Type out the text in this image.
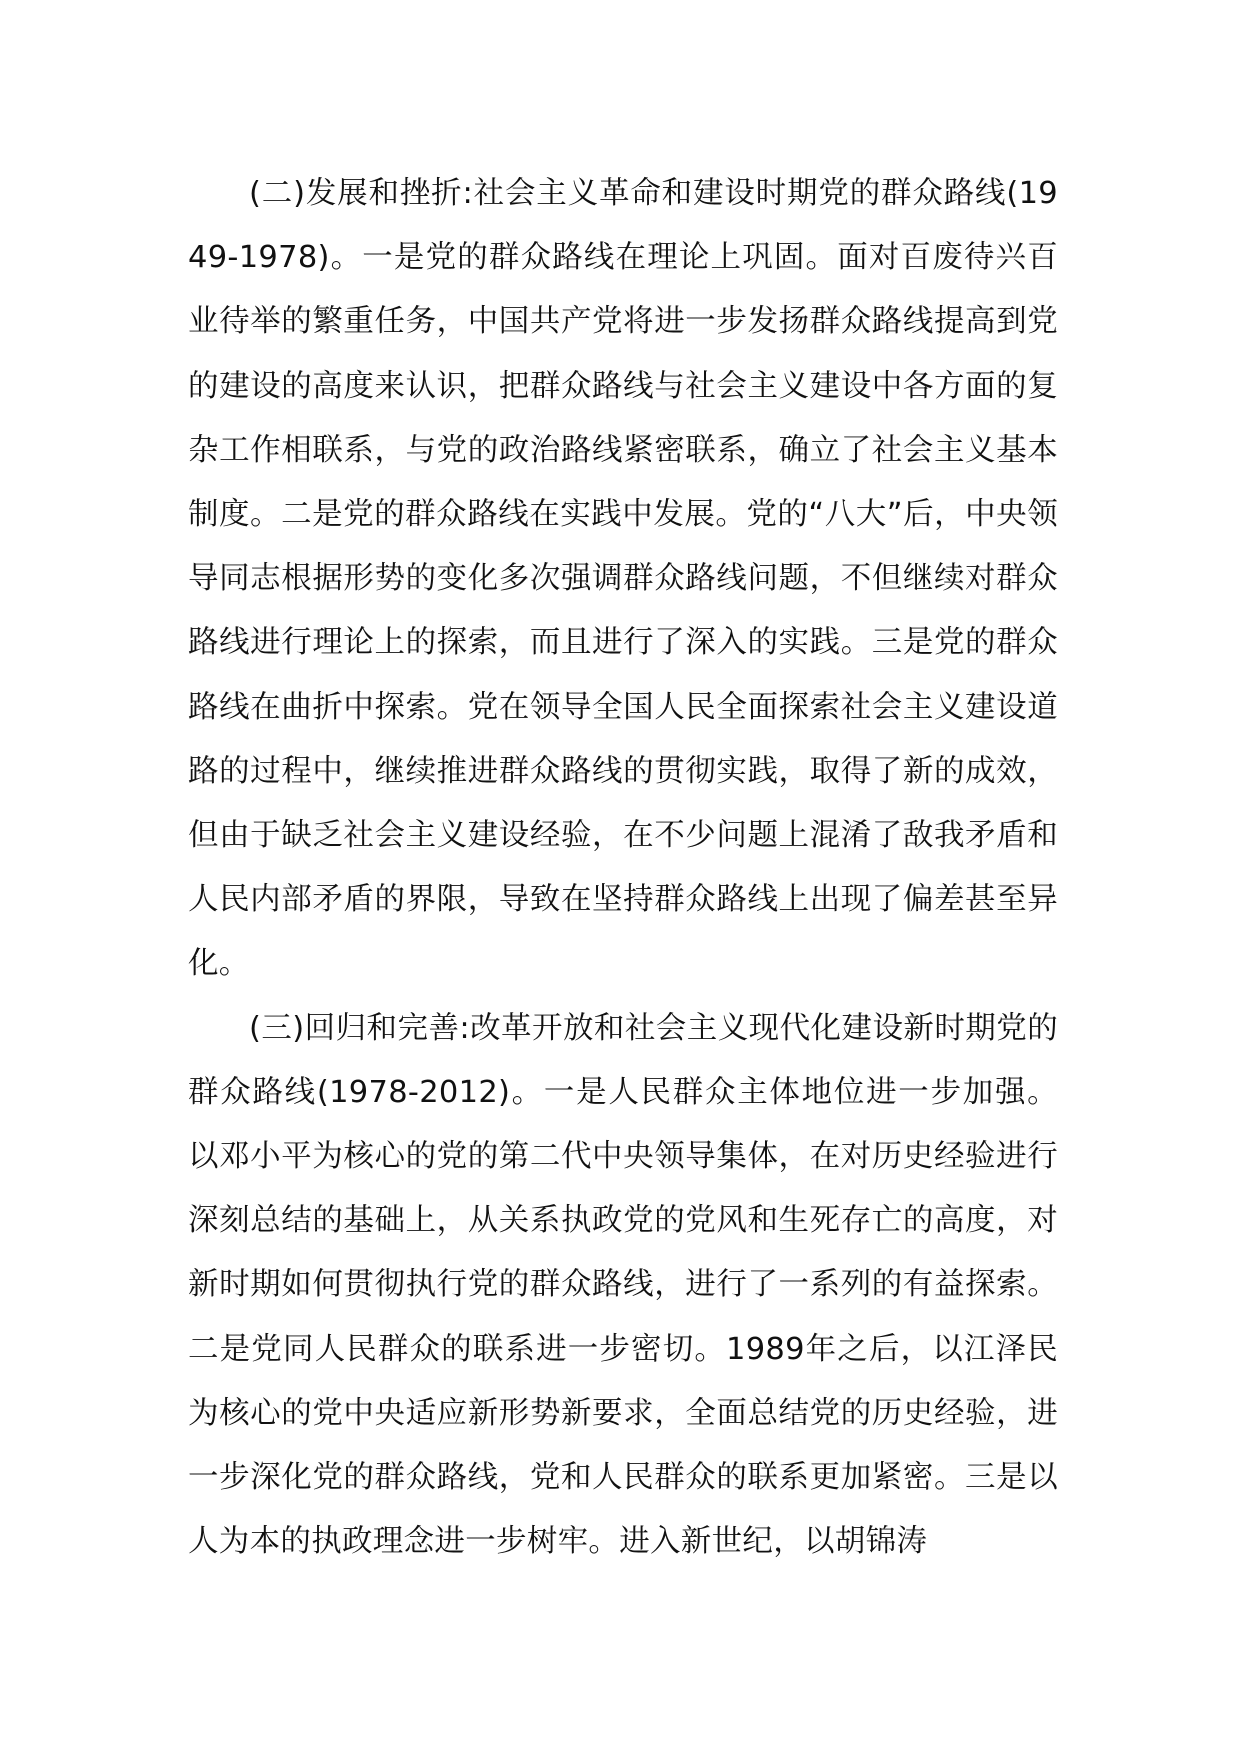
(二)发展和挫折:社会主义革命和建设时期党的群众路线(1949-1978)。一是党的群众路线在理论上巩固。面对百废待兴百业待举的繁重任务，中国共产党将进一步发扬群众路线提高到党的建设的高度来认识，把群众路线与社会主义建设中各方面的复杂工作相联系，与党的政治路线紧密联系，确立了社会主义基本制度。二是党的群众路线在实践中发展。党的“八大”后，中央领导同志根据形势的变化多次强调群众路线问题，不但继续对群众路线进行理论上的探索，而且进行了深入的实践。三是党的群众路线在曲折中探索。党在领导全国人民全面探索社会主义建设道路的过程中，继续推进群众路线的贯彻实践，取得了新的成效，但由于缺乏社会主义建设经验，在不少问题上混淆了敌我矛盾和人民内部矛盾的界限，导致在坚持群众路线上出现了偏差甚至异化。

(三)回归和完善:改革开放和社会主义现代化建设新时期党的群众路线(1978-2012)。一是人民群众主体地位进一步加强。以邓小平为核心的党的第二代中央领导集体，在对历史经验进行深刻总结的基础上，从关系执政党的党风和生死存亡的高度，对新时期如何贯彻执行党的群众路线，进行了一系列的有益探索。二是党同人民群众的联系进一步密切。1989年之后，以江泽民为核心的党中央适应新形势新要求，全面总结党的历史经验，进一步深化党的群众路线，党和人民群众的联系更加紧密。三是以人为本的执政理念进一步树牢。进入新世纪，以胡锦涛
